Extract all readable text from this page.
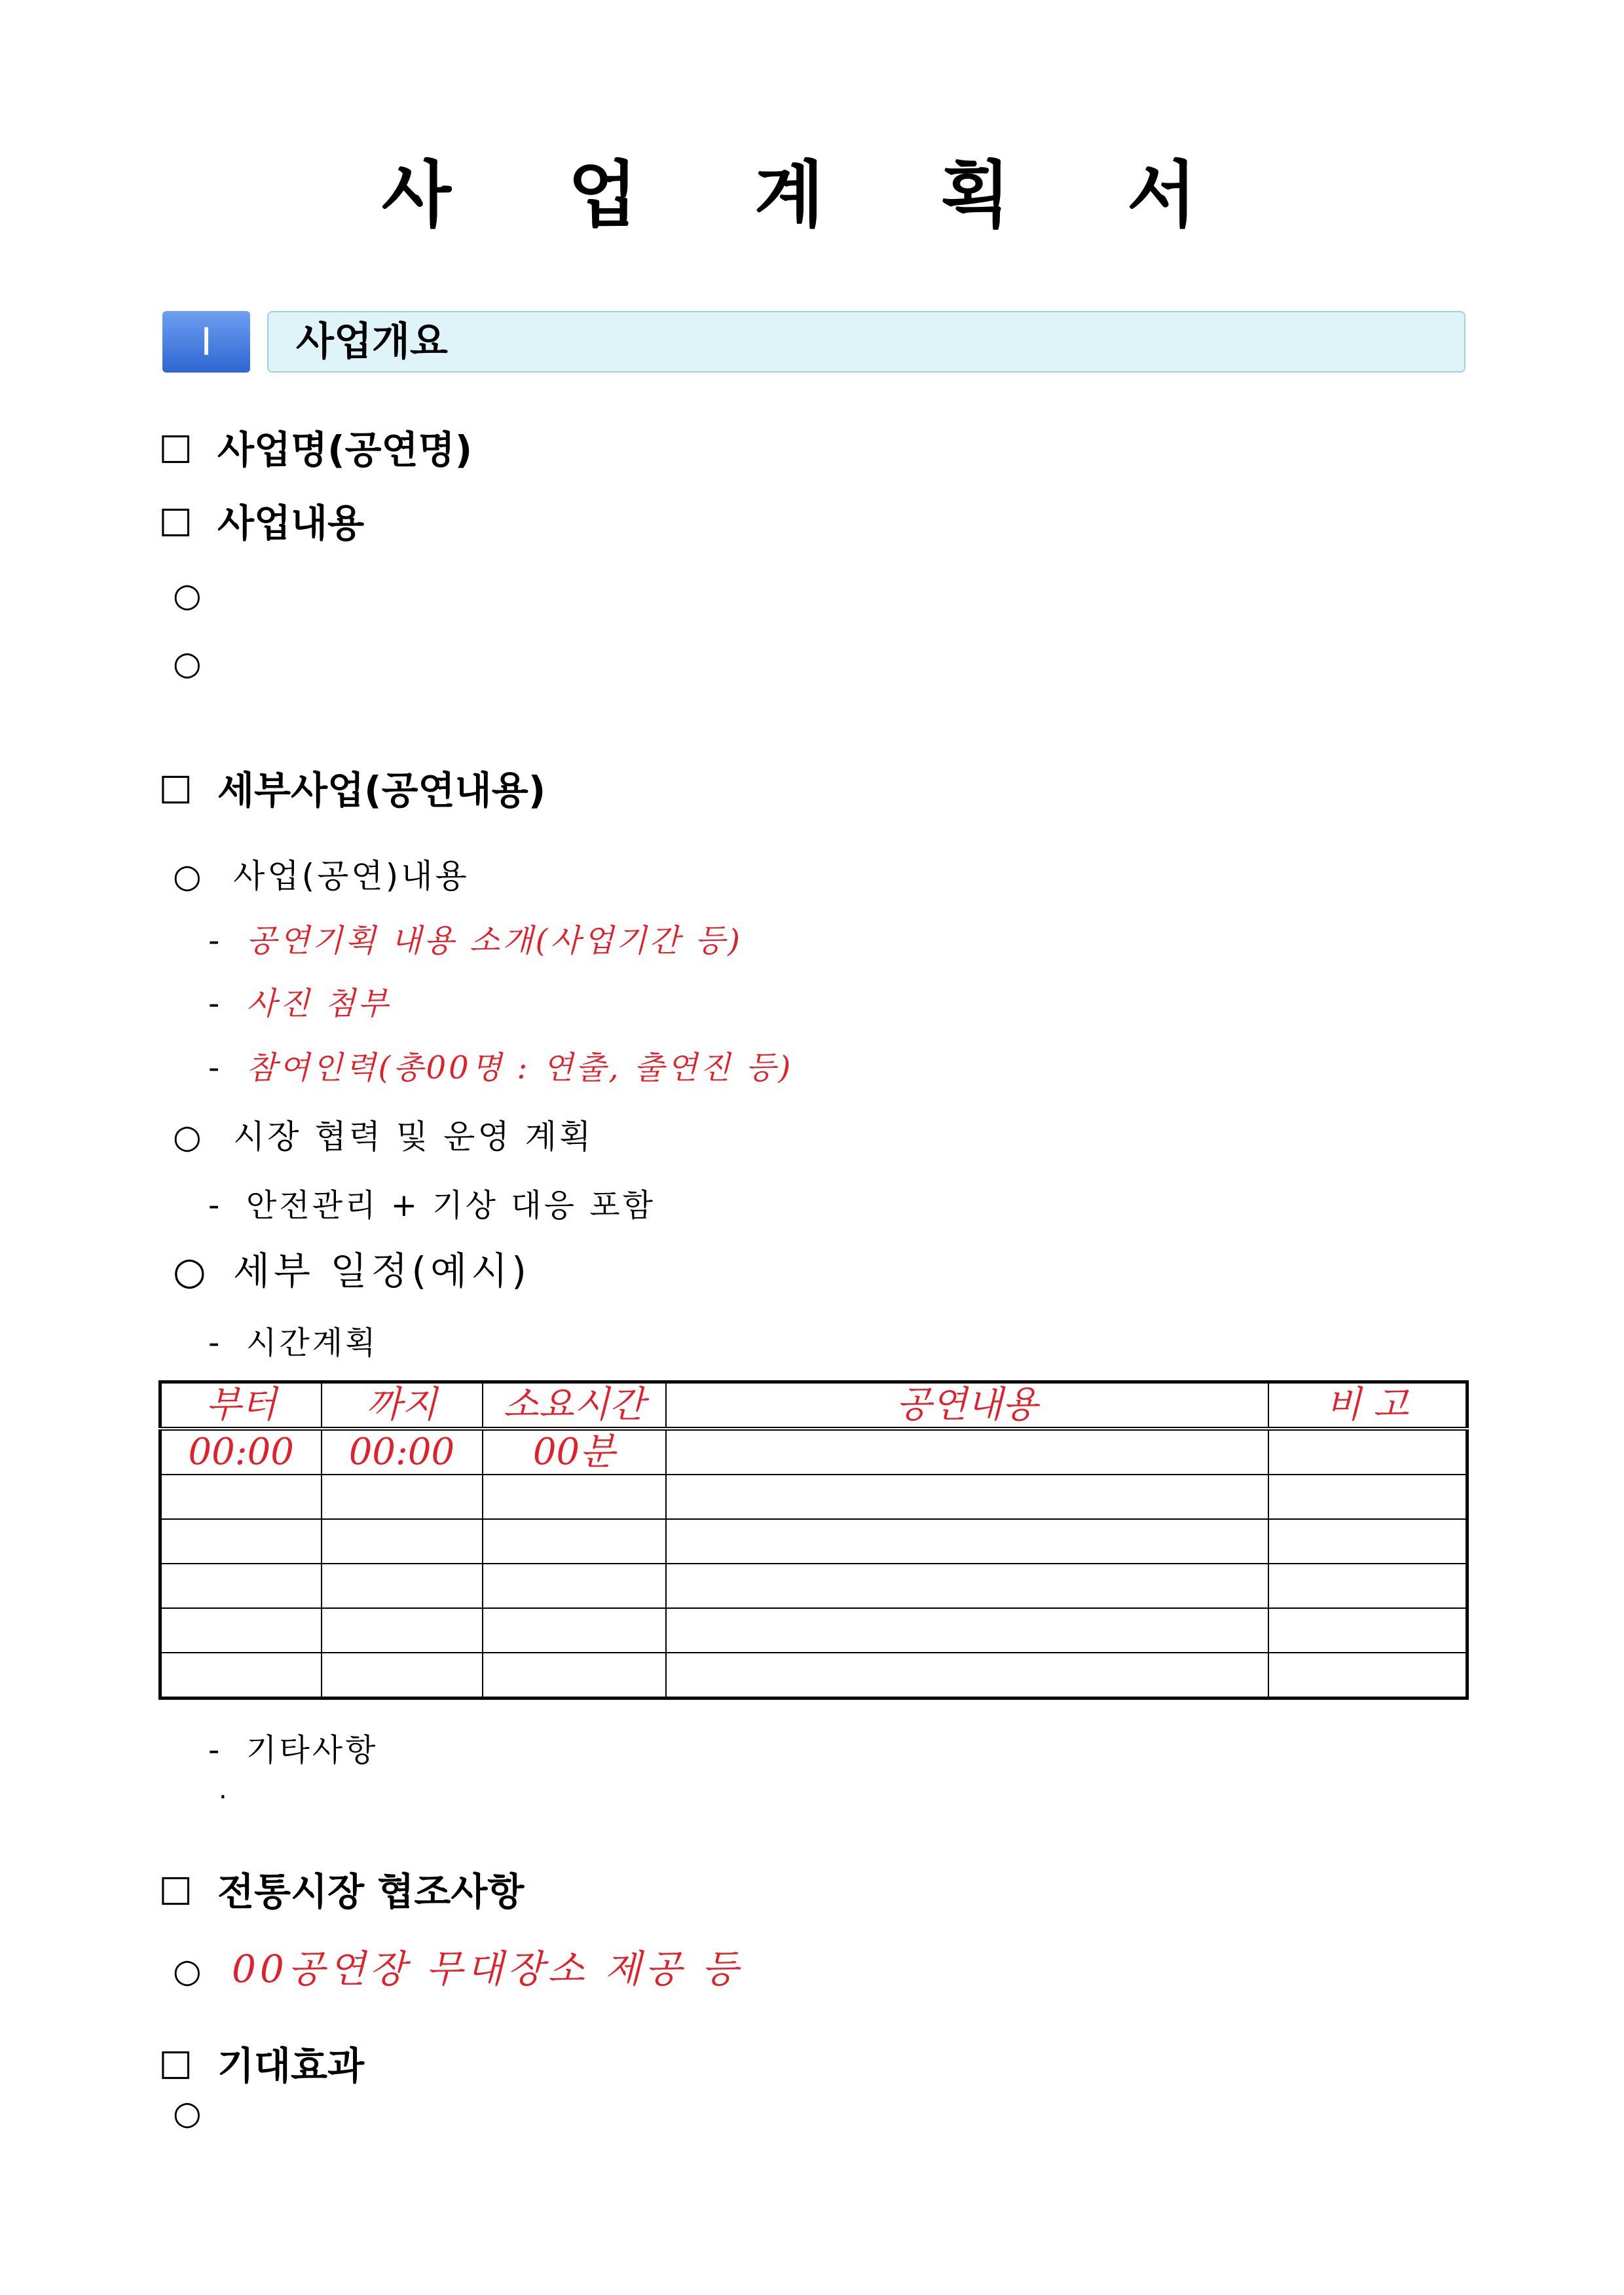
사 업 계 획 서
Ⅰ	사업개요
☐ 사업명(공연명)
☐ 사업내용
○
○
☐ 세부사업(공연내용)
○ 사업(공연)내용
- 공연기획 내용 소개(사업기간 등)
- 사진 첨부
- 참여인력(총00명 : 연출, 출연진 등)
○ 시장 협력 및 운영 계획
- 안전관리 + 기상 대응 포함
○ 세부 일정(예시)
- 시간계획
부터	까지	소요시간	공연내용	비 고
00:00	00:00	00분		

- 기타사항
·
☐ 전통시장 협조사항
○ 00공연장 무대장소 제공 등
☐ 기대효과
○
